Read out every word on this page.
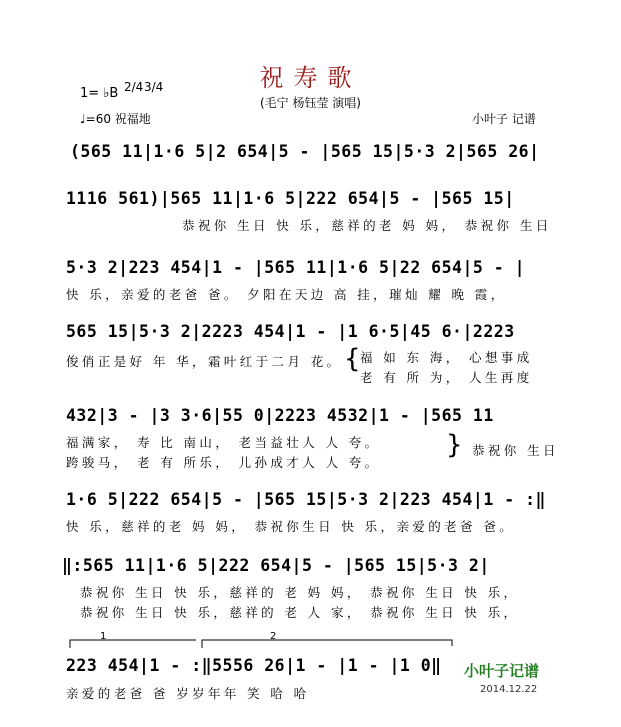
祝寿歌
(毛宁 杨钰莹 演唱)
1= ♭B 2/4 3/4
♩=60 祝福地	小叶子 记谱
(565 11|1·6 5|2 654|5 - |565 15|5·3 2|565 26|
1116 561)|565 11|1·6 5|222 654|5 - |565 15|
恭祝你 生日 快 乐，慈祥的老 妈 妈， 恭祝你 生日
5·3 2|223 454|1 - |565 11|1·6 5|22 654|5 - |
快 乐，亲爱的老爸 爸。 夕阳在天边 高 挂，璀灿 耀 晚 霞，
565 15|5·3 2|2223 454|1 - |1 6·5|45 6·|2223
俊俏正是好 年 华，霜叶红于二月 花。 { 福 如 东 海， 心想事成
老 有 所 为， 人生再度
432|3 - |3 3·6|55 0|2223 4532|1 - |565 11
福满家， 寿 比 南山， 老当益壮人 人 夸。
跨骏马， 老 有 所乐， 儿孙成才人 人 夸。
} 恭祝你 生日
1·6 5|222 654|5 - |565 15|5·3 2|223 454|1 - :‖
快 乐，慈祥的老 妈 妈， 恭祝你生日 快 乐，亲爱的老爸 爸。
‖:565 11|1·6 5|222 654|5 - |565 15|5·3 2|
恭祝你 生日 快 乐，慈祥的 老 妈 妈， 恭祝你 生日 快 乐，
恭祝你 生日 快 乐，慈祥的 老 人 家， 恭祝你 生日 快 乐，
1	2
223 454|1 - :‖5556 26|1 - |1 - |1 0‖
亲爱的老爸 爸 岁岁年年 笑 哈 哈
小叶子记谱
2014.12.22
